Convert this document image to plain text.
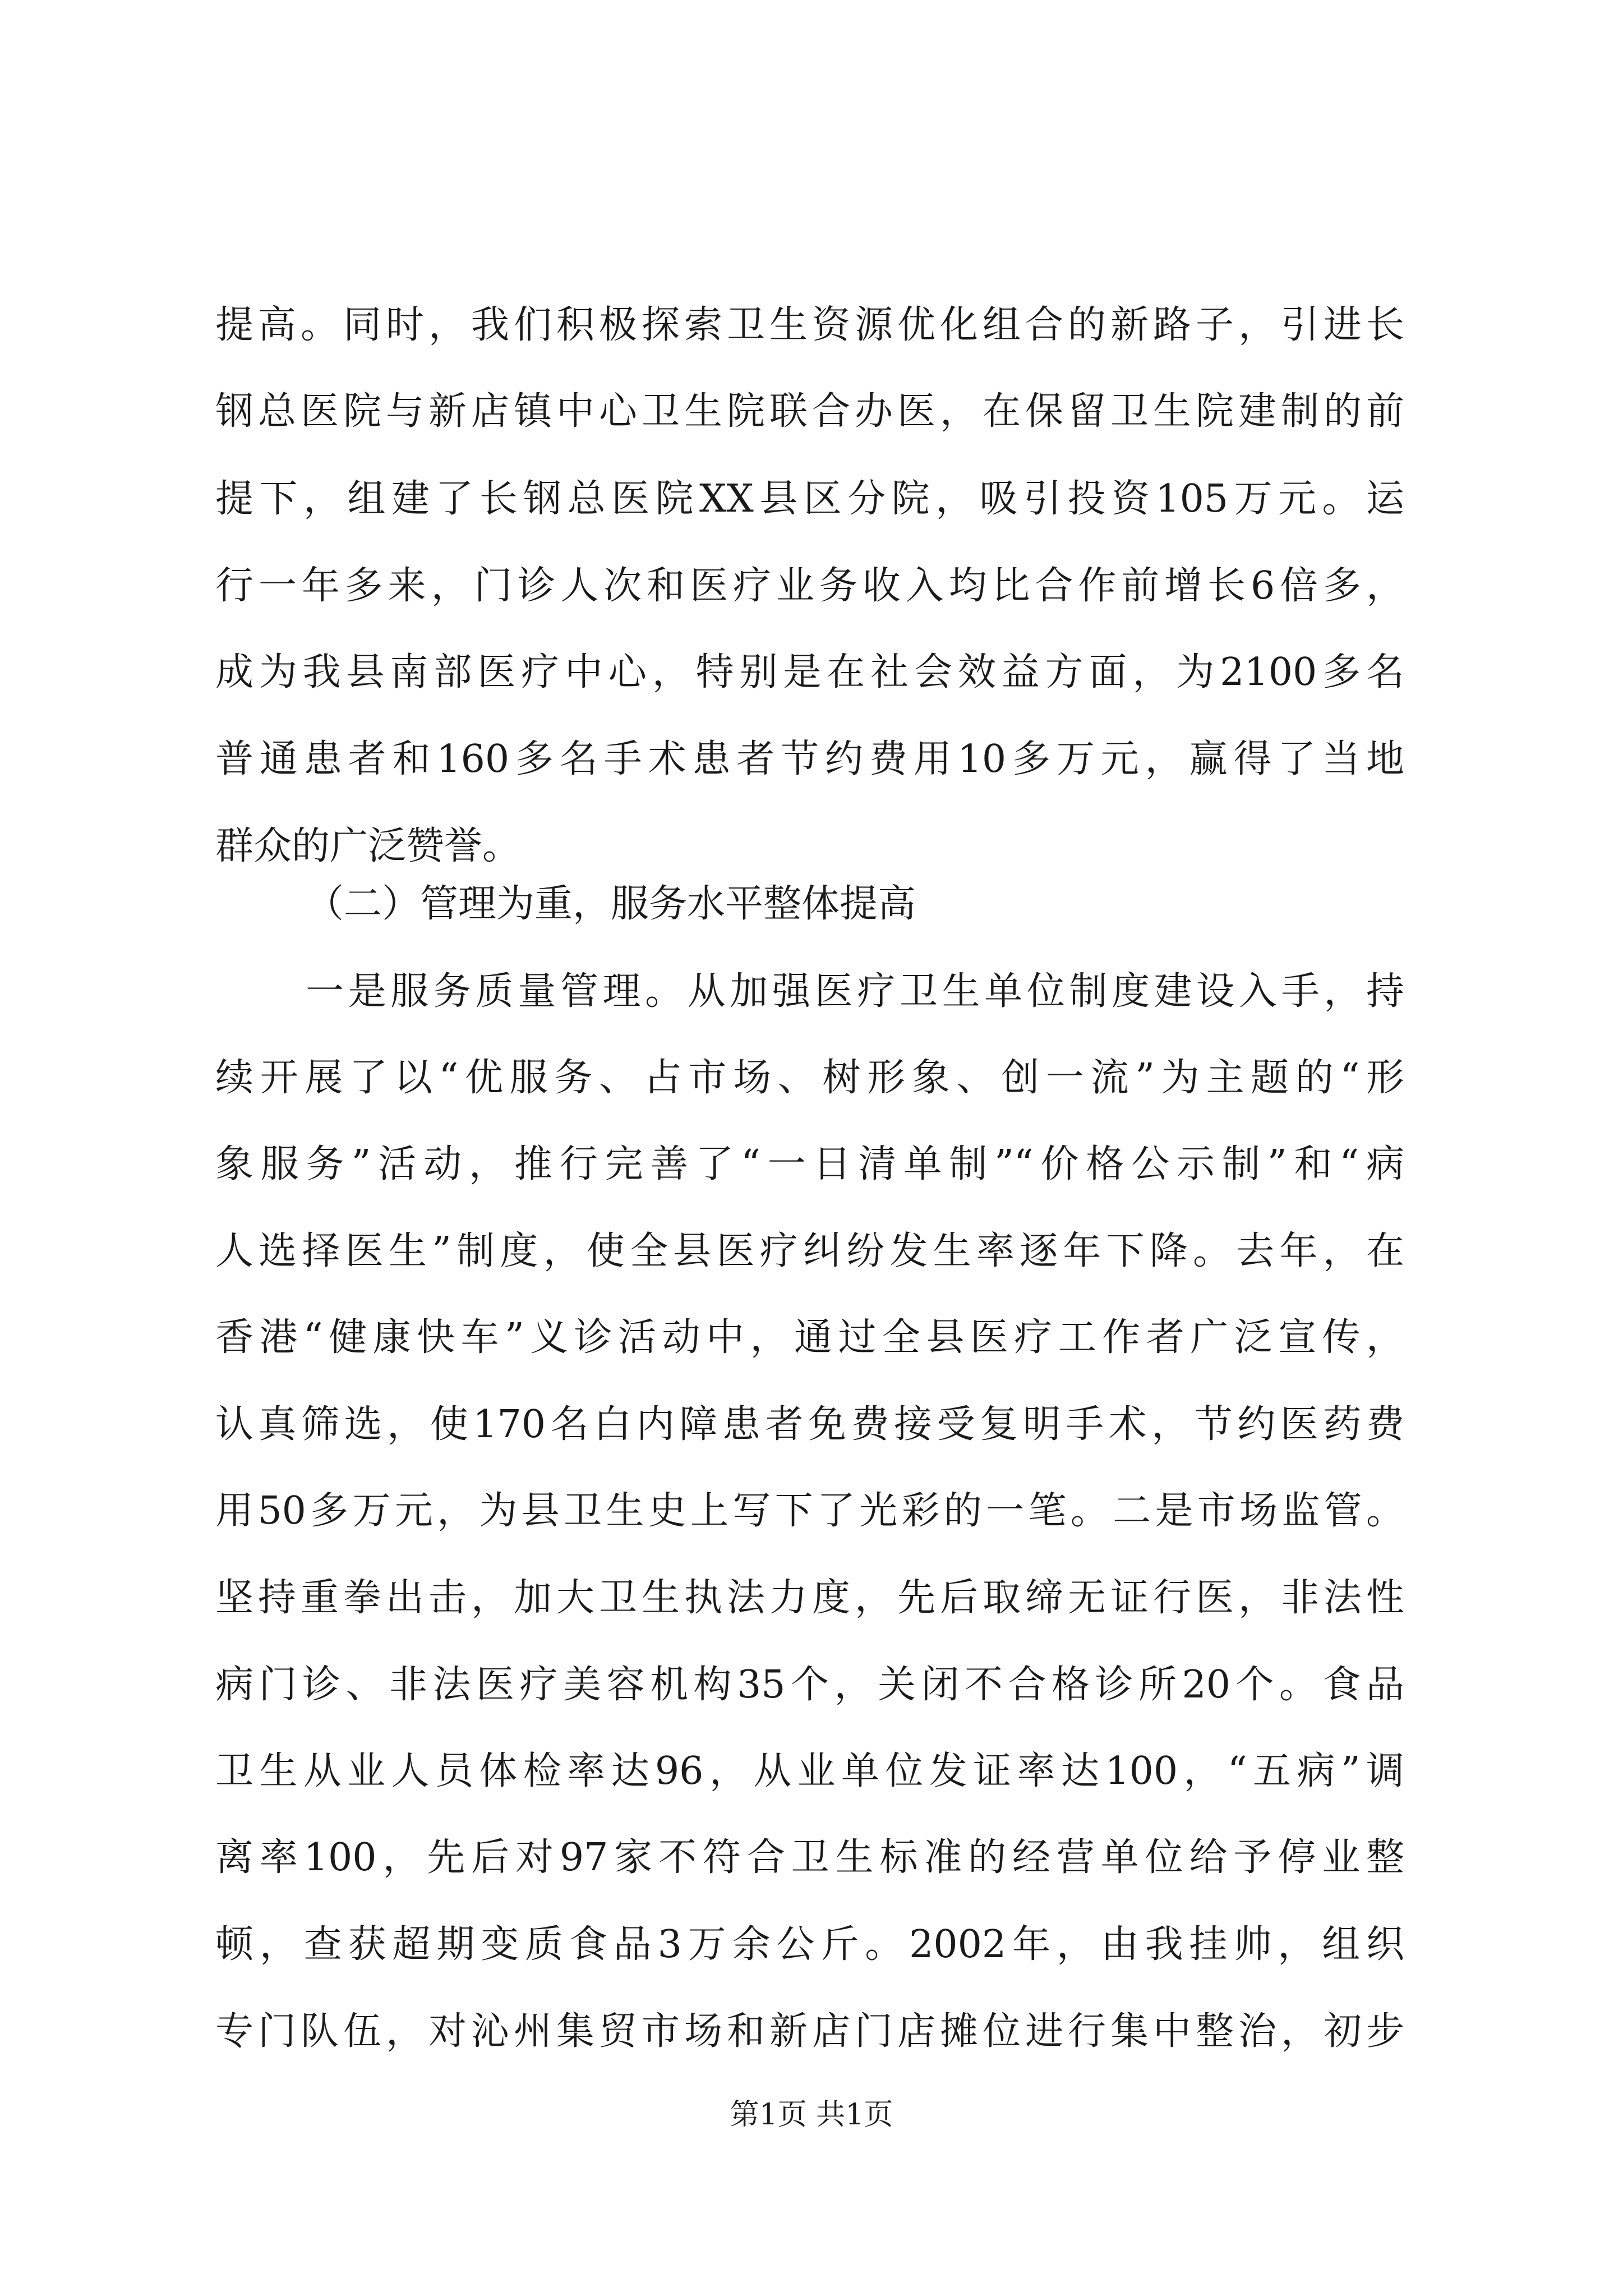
提高。同时，我们积极探索卫生资源优化组合的新路子，引进长
钢总医院与新店镇中心卫生院联合办医，在保留卫生院建制的前
提下，组建了长钢总医院XX县区分院，吸引投资105万元。运
行一年多来，门诊人次和医疗业务收入均比合作前增长6倍多，
成为我县南部医疗中心，特别是在社会效益方面，为2100多名
普通患者和160多名手术患者节约费用10多万元，赢得了当地
群众的广泛赞誉。
（二）管理为重，服务水平整体提高
一是服务质量管理。从加强医疗卫生单位制度建设入手，持
续开展了以“优服务、占市场、树形象、创一流”为主题的“形
象服务”活动，推行完善了“一日清单制”“价格公示制”和“病
人选择医生”制度，使全县医疗纠纷发生率逐年下降。去年，在
香港“健康快车”义诊活动中，通过全县医疗工作者广泛宣传，
认真筛选，使170名白内障患者免费接受复明手术，节约医药费
用50多万元，为县卫生史上写下了光彩的一笔。二是市场监管。
坚持重拳出击，加大卫生执法力度，先后取缔无证行医，非法性
病门诊、非法医疗美容机构35个，关闭不合格诊所20个。食品
卫生从业人员体检率达96，从业单位发证率达100，“五病”调
离率100，先后对97家不符合卫生标准的经营单位给予停业整
顿，查获超期变质食品3万余公斤。2002年，由我挂帅，组织
专门队伍，对沁州集贸市场和新店门店摊位进行集中整治，初步
第1页 共1页
